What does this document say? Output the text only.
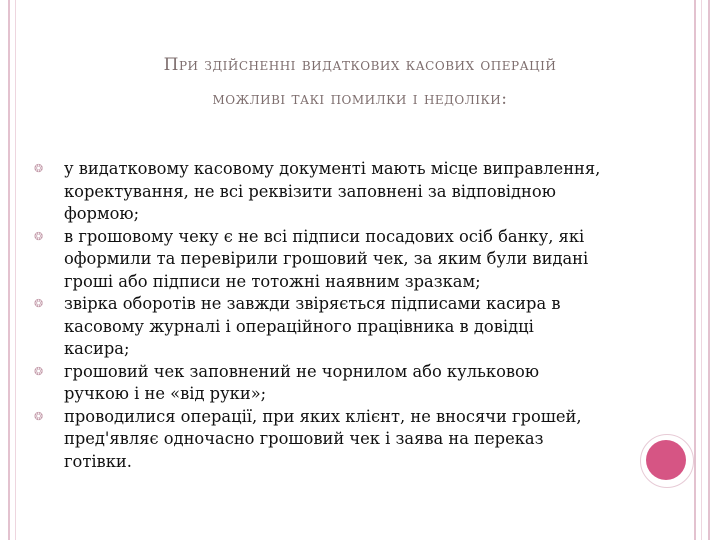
При здійсненні видаткових касових операцій
можливі такі помилки і недоліки:
❂ у видатковому касовому документі мають місце виправлення, коректування, не всі реквізити заповнені за відповідною формою;
❂ в грошовому чеку є не всі підписи посадових осіб банку, які оформили та перевірили грошовий чек, за яким були видані гроші або підписи не тотожні наявним зразкам;
❂ звірка оборотів не завжди звіряється підписами касира в касовому журналі і операційного працівника в довідці касира;
❂ грошовий чек заповнений не чорнилом або кульковою ручкою і не «від руки»;
❂ проводилися операції, при яких клієнт, не вносячи грошей, пред'являє одночасно грошовий чек і заява на переказ готівки.
